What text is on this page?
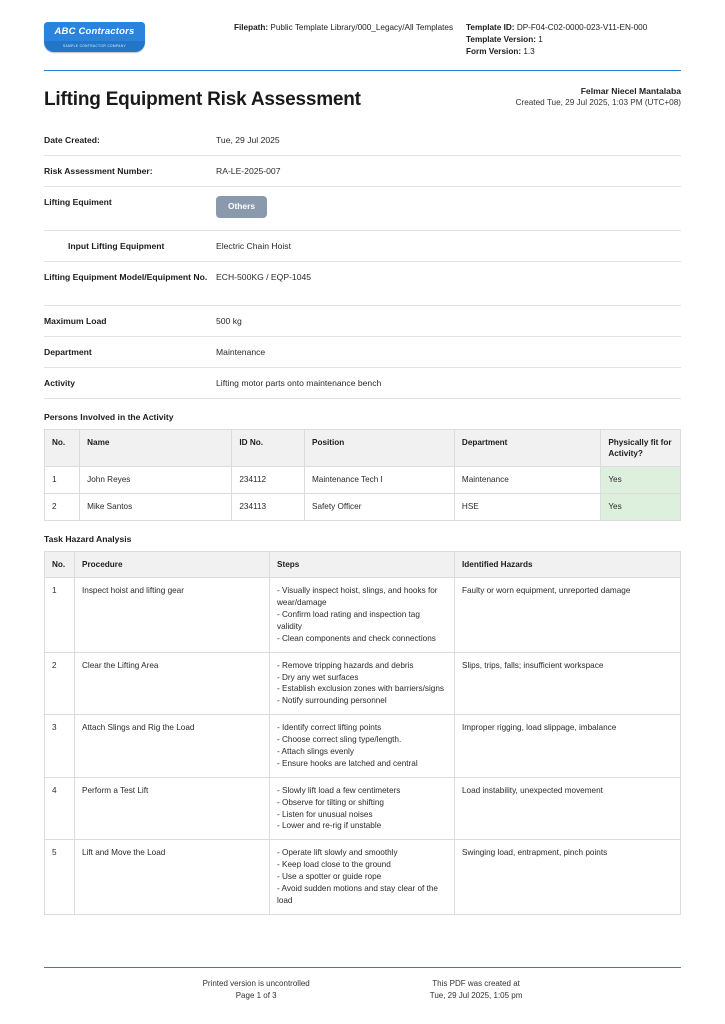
ABC Contractors
SAMPLE CONTRACTOR COMPANY
Filepath: Public Template Library/000_Legacy/All Templates	Template ID: DP-F04-C02-0000-023-V11-EN-000
Template Version: 1
Form Version: 1.3
Lifting Equipment Risk Assessment	Felmar Niecel Mantalaba
Created Tue, 29 Jul 2025, 1:03 PM (UTC+08)
Date Created:	Tue, 29 Jul 2025
Risk Assessment Number:	RA-LE-2025-007
Lifting Equiment	Others
Input Lifting Equipment	Electric Chain Hoist
Lifting Equipment Model/Equipment No.	ECH-500KG / EQP-1045
Maximum Load	500 kg
Department	Maintenance
Activity	Lifting motor parts onto maintenance bench
Persons Involved in the Activity
No.	Name	ID No.	Position	Department	Physically fit for Activity?
1	John Reyes	234112	Maintenance Tech I	Maintenance	Yes
2	Mike Santos	234113	Safety Officer	HSE	Yes
Task Hazard Analysis
No.	Procedure	Steps	Identified Hazards
1	Inspect hoist and lifting gear	- Visually inspect hoist, slings, and hooks for wear/damage
- Confirm load rating and inspection tag validity
- Clean components and check connections	Faulty or worn equipment, unreported damage
2	Clear the Lifting Area	- Remove tripping hazards and debris
- Dry any wet surfaces
- Establish exclusion zones with barriers/signs
- Notify surrounding personnel	Slips, trips, falls; insufficient workspace
3	Attach Slings and Rig the Load	- Identify correct lifting points
- Choose correct sling type/length.
- Attach slings evenly
- Ensure hooks are latched and central	Improper rigging, load slippage, imbalance
4	Perform a Test Lift	- Slowly lift load a few centimeters
- Observe for tilting or shifting
- Listen for unusual noises
- Lower and re-rig if unstable	Load instability, unexpected movement
5	Lift and Move the Load	- Operate lift slowly and smoothly
- Keep load close to the ground
- Use a spotter or guide rope
- Avoid sudden motions and stay clear of the load	Swinging load, entrapment, pinch points
Printed version is uncontrolled
Page 1 of 3
This PDF was created at
Tue, 29 Jul 2025, 1:05 pm
